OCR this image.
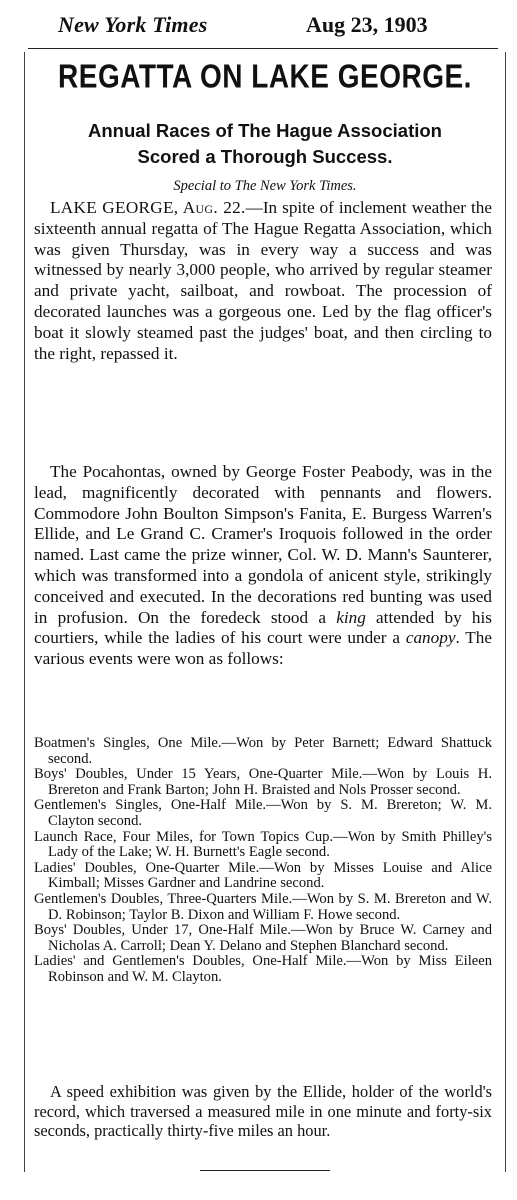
New York Times	Aug 23, 1903
REGATTA ON LAKE GEORGE.
Annual Races of The Hague Association
Scored a Thorough Success.
Special to The New York Times.
LAKE GEORGE, Aug. 22.—In spite of inclement weather the sixteenth annual regatta of The Hague Regatta Association, which was given Thursday, was in every way a success and was witnessed by nearly 3,000 people, who arrived by regular steamer and private yacht, sailboat, and rowboat. The procession of decorated launches was a gorgeous one. Led by the flag officer's boat it slowly steamed past the judges' boat, and then circling to the right, repassed it.
The Pocahontas, owned by George Foster Peabody, was in the lead, magnificently decorated with pennants and flowers. Commodore John Boulton Simpson's Fanita, E. Burgess Warren's Ellide, and Le Grand C. Cramer's Iroquois followed in the order named. Last came the prize winner, Col. W. D. Mann's Saunterer, which was transformed into a gondola of anicent style, strikingly conceived and executed. In the decorations red bunting was used in profusion. On the foredeck stood a king attended by his courtiers, while the ladies of his court were under a canopy. The various events were won as follows:

Boatmen's Singles, One Mile.—Won by Peter Barnett; Edward Shattuck second.

Boys' Doubles, Under 15 Years, One-Quarter Mile.—Won by Louis H. Brereton and Frank Barton; John H. Braisted and Nols Prosser second.

Gentlemen's Singles, One-Half Mile.—Won by S. M. Brereton; W. M. Clayton second.

Launch Race, Four Miles, for Town Topics Cup.—Won by Smith Philley's Lady of the Lake; W. H. Burnett's Eagle second.

Ladies' Doubles, One-Quarter Mile.—Won by Misses Louise and Alice Kimball; Misses Gardner and Landrine second.

Gentlemen's Doubles, Three-Quarters Mile.—Won by S. M. Brereton and W. D. Robinson; Taylor B. Dixon and William F. Howe second.

Boys' Doubles, Under 17, One-Half Mile.—Won by Bruce W. Carney and Nicholas A. Carroll; Dean Y. Delano and Stephen Blanchard second.

Ladies' and Gentlemen's Doubles, One-Half Mile.—Won by Miss Eileen Robinson and W. M. Clayton.

A speed exhibition was given by the Ellide, holder of the world's record, which traversed a measured mile in one minute and forty-six seconds, practically thirty-five miles an hour.
